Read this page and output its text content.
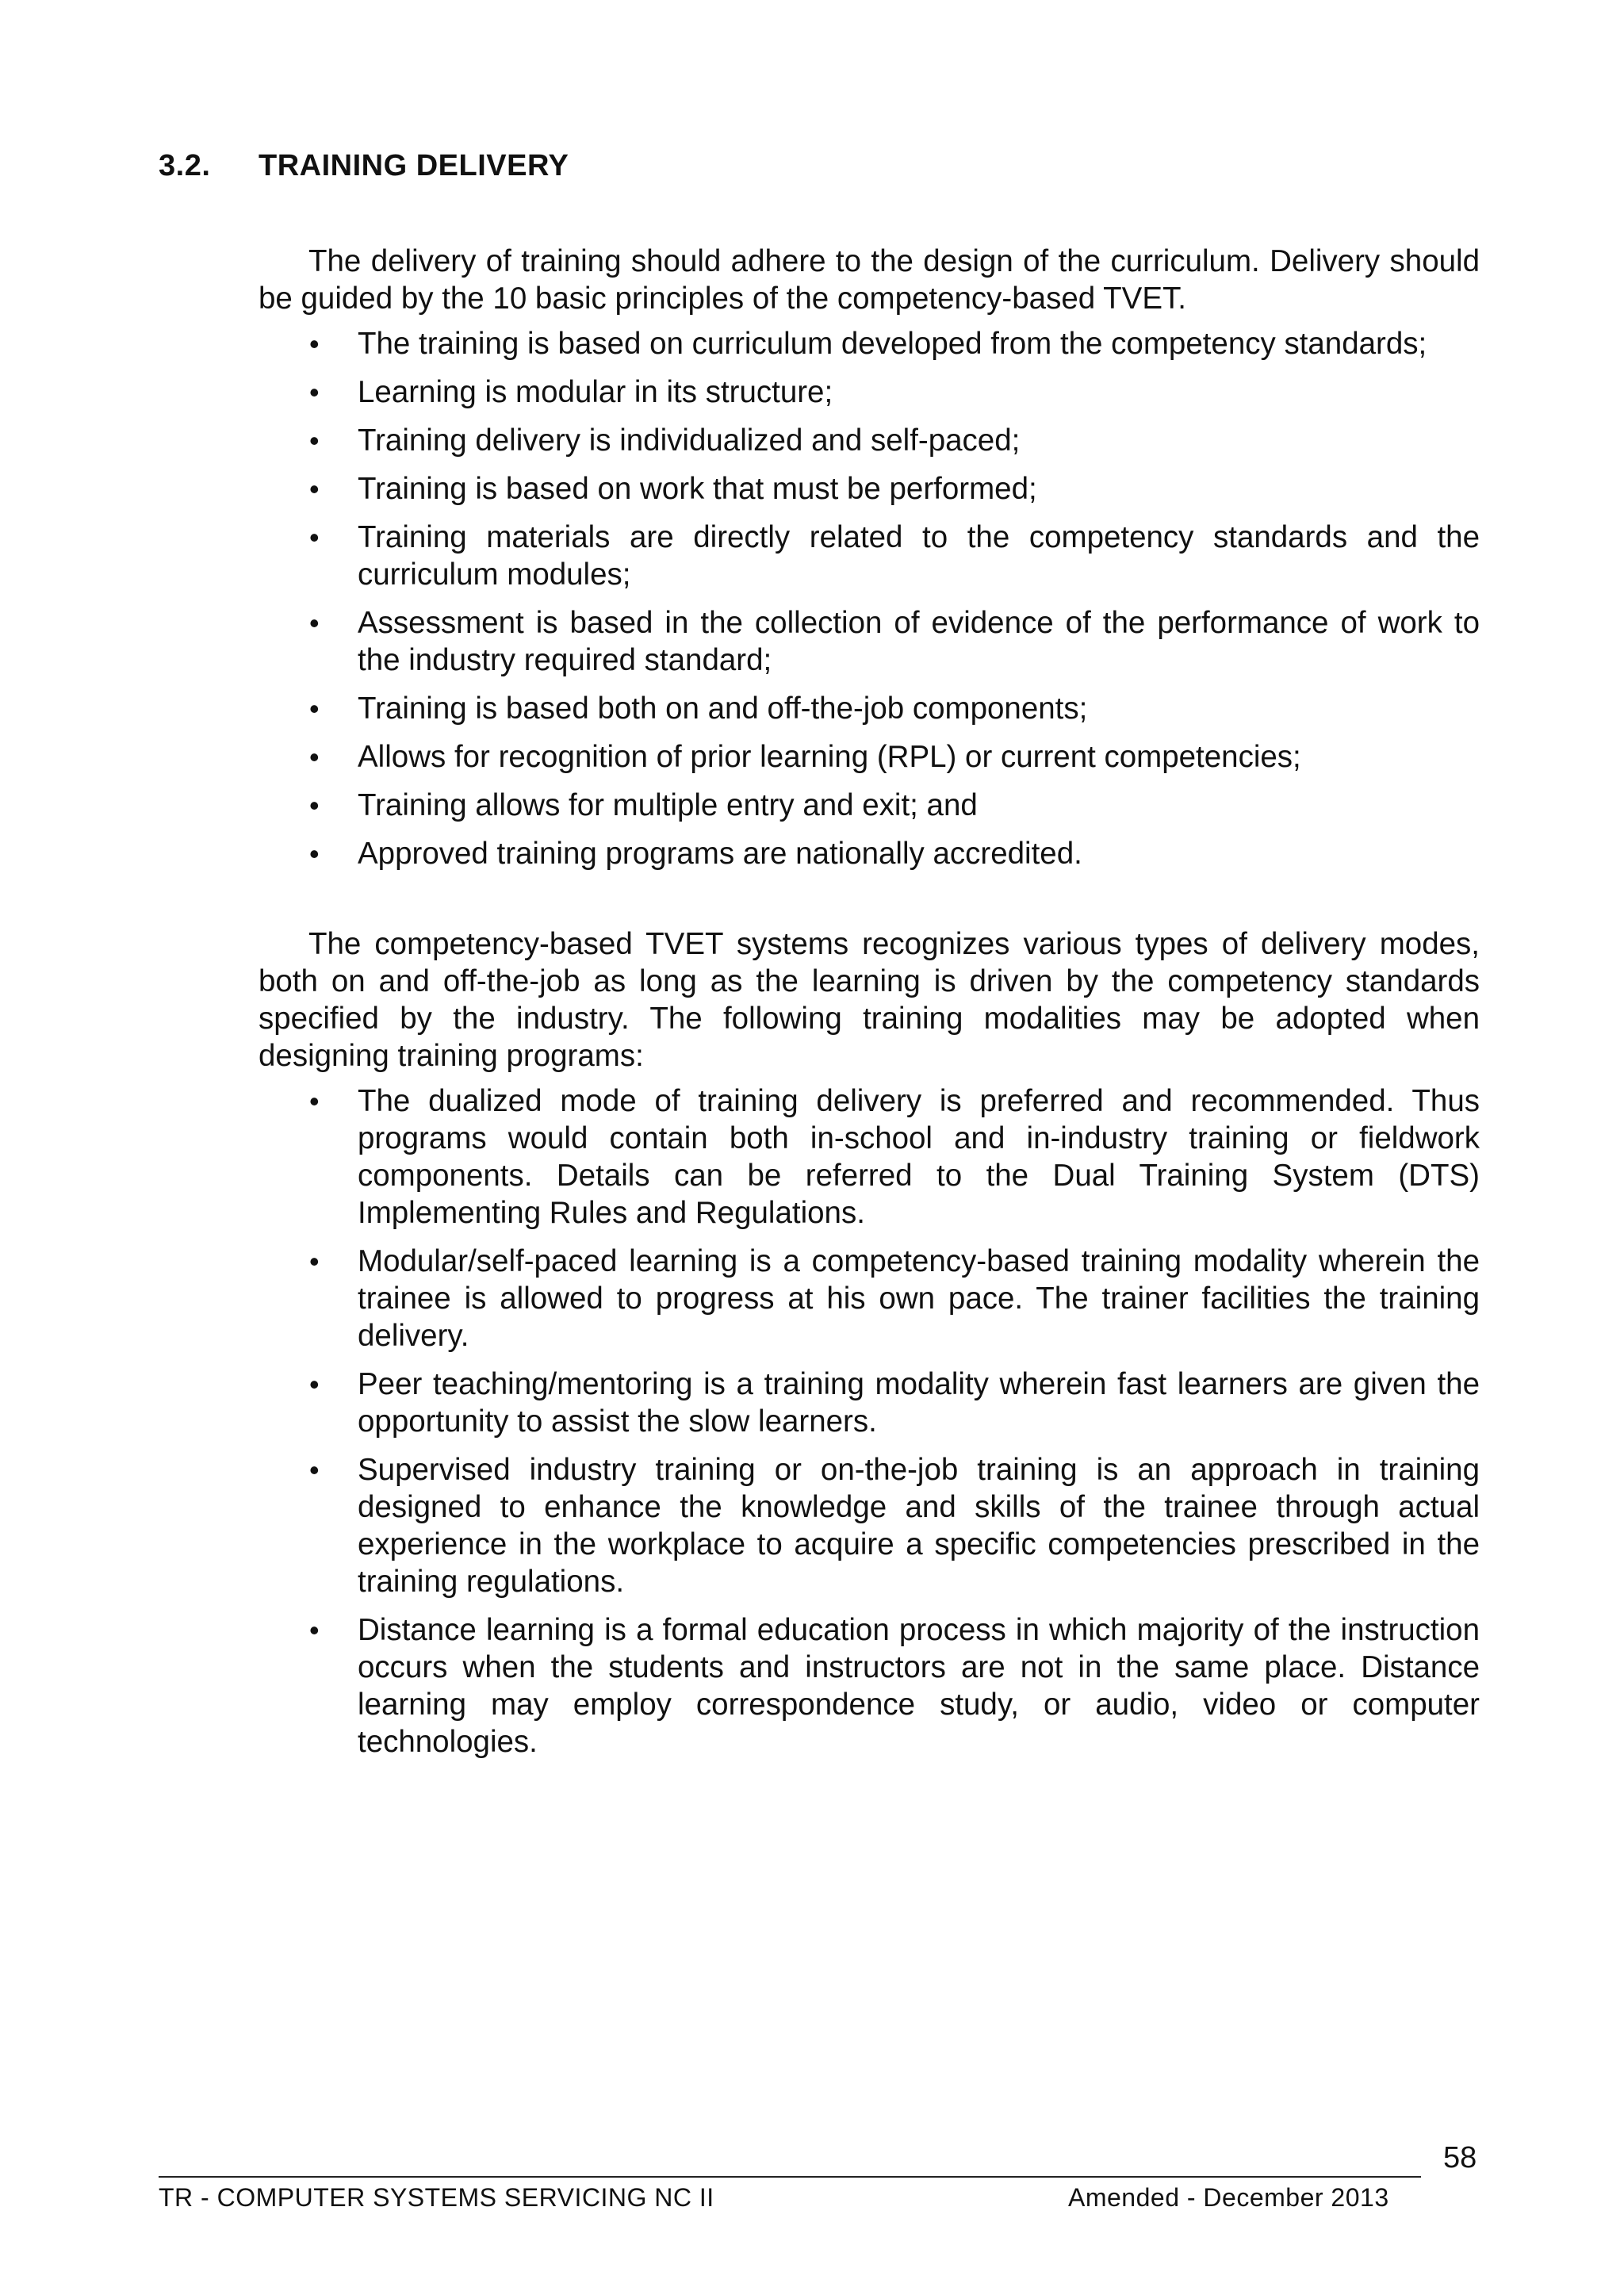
3.2. TRAINING DELIVERY

The delivery of training should adhere to the design of the curriculum. Delivery should be guided by the 10 basic principles of the competency-based TVET.

• The training is based on curriculum developed from the competency standards;
• Learning is modular in its structure;
• Training delivery is individualized and self-paced;
• Training is based on work that must be performed;
• Training materials are directly related to the competency standards and the curriculum modules;
• Assessment is based in the collection of evidence of the performance of work to the industry required standard;
• Training is based both on and off-the-job components;
• Allows for recognition of prior learning (RPL) or current competencies;
• Training allows for multiple entry and exit; and
• Approved training programs are nationally accredited.

The competency-based TVET systems recognizes various types of delivery modes, both on and off-the-job as long as the learning is driven by the competency standards specified by the industry. The following training modalities may be adopted when designing training programs:

• The dualized mode of training delivery is preferred and recommended. Thus programs would contain both in-school and in-industry training or fieldwork components. Details can be referred to the Dual Training System (DTS) Implementing Rules and Regulations.
• Modular/self-paced learning is a competency-based training modality wherein the trainee is allowed to progress at his own pace. The trainer facilities the training delivery.
• Peer teaching/mentoring is a training modality wherein fast learners are given the opportunity to assist the slow learners.
• Supervised industry training or on-the-job training is an approach in training designed to enhance the knowledge and skills of the trainee through actual experience in the workplace to acquire a specific competencies prescribed in the training regulations.
• Distance learning is a formal education process in which majority of the instruction occurs when the students and instructors are not in the same place. Distance learning may employ correspondence study, or audio, video or computer technologies.
58
TR - COMPUTER SYSTEMS SERVICING NC II	Amended - December 2013
